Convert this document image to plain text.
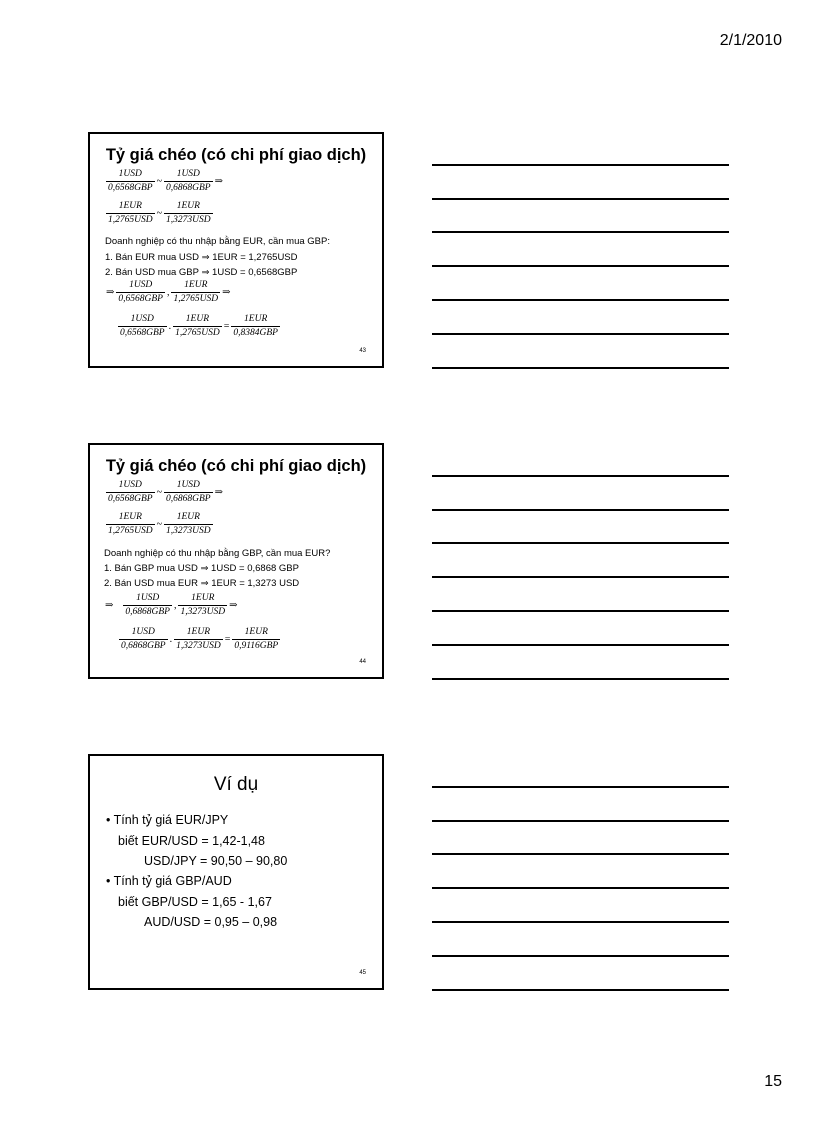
2/1/2010
Tỷ giá chéo (có chi phí giao dịch)
$\frac{\text{1USD}}{\text{0,6568GBP}}$ ~ $\frac{\text{1USD}}{\text{0,6868GBP}}$ ⇒
$\frac{\text{1EUR}}{\text{1,2765USD}}$ ~ $\frac{\text{1EUR}}{\text{1,3273USD}}$
Doanh nghiệp có thu nhập bằng EUR, cần mua GBP:
1. Bán EUR mua USD ⇒ 1EUR = 1,2765USD
2. Bán USD mua GBP ⇒ 1USD = 0,6568GBP
⇒ $\frac{\text{1USD}}{\text{0,6568GBP}}$ , $\frac{\text{1EUR}}{\text{1,2765USD}}$ ⇒
$\frac{\text{1USD}}{\text{0,6568GBP}}$ . $\frac{\text{1EUR}}{\text{1,2765USD}} = \frac{\text{1EUR}}{\text{0,8384GBP}}$
43
Tỷ giá chéo (có chi phí giao dịch)
$\frac{\text{1USD}}{\text{0,6568GBP}}$ ~ $\frac{\text{1USD}}{\text{0,6868GBP}}$ ⇒
$\frac{\text{1EUR}}{\text{1,2765USD}}$ ~ $\frac{\text{1EUR}}{\text{1,3273USD}}$
Doanh nghiệp có thu nhập bằng GBP, cần mua EUR?
1. Bán GBP mua USD ⇒ 1USD = 0,6868 GBP
2. Bán USD mua EUR ⇒ 1EUR = 1,3273 USD
⇒ $\frac{\text{1USD}}{\text{0,6868GBP}}$ , $\frac{\text{1EUR}}{\text{1,3273USD}}$ ⇒
$\frac{\text{1USD}}{\text{0,6868GBP}}$ . $\frac{\text{1EUR}}{\text{1,3273USD}} = \frac{\text{1EUR}}{\text{0,9116GBP}}$
44
Ví dụ
• Tính tỷ giá EUR/JPY
biết EUR/USD = 1,42-1,48
USD/JPY = 90,50 – 90,80
• Tính tỷ giá GBP/AUD
biết GBP/USD = 1,65 - 1,67
AUD/USD = 0,95 – 0,98
45
15
